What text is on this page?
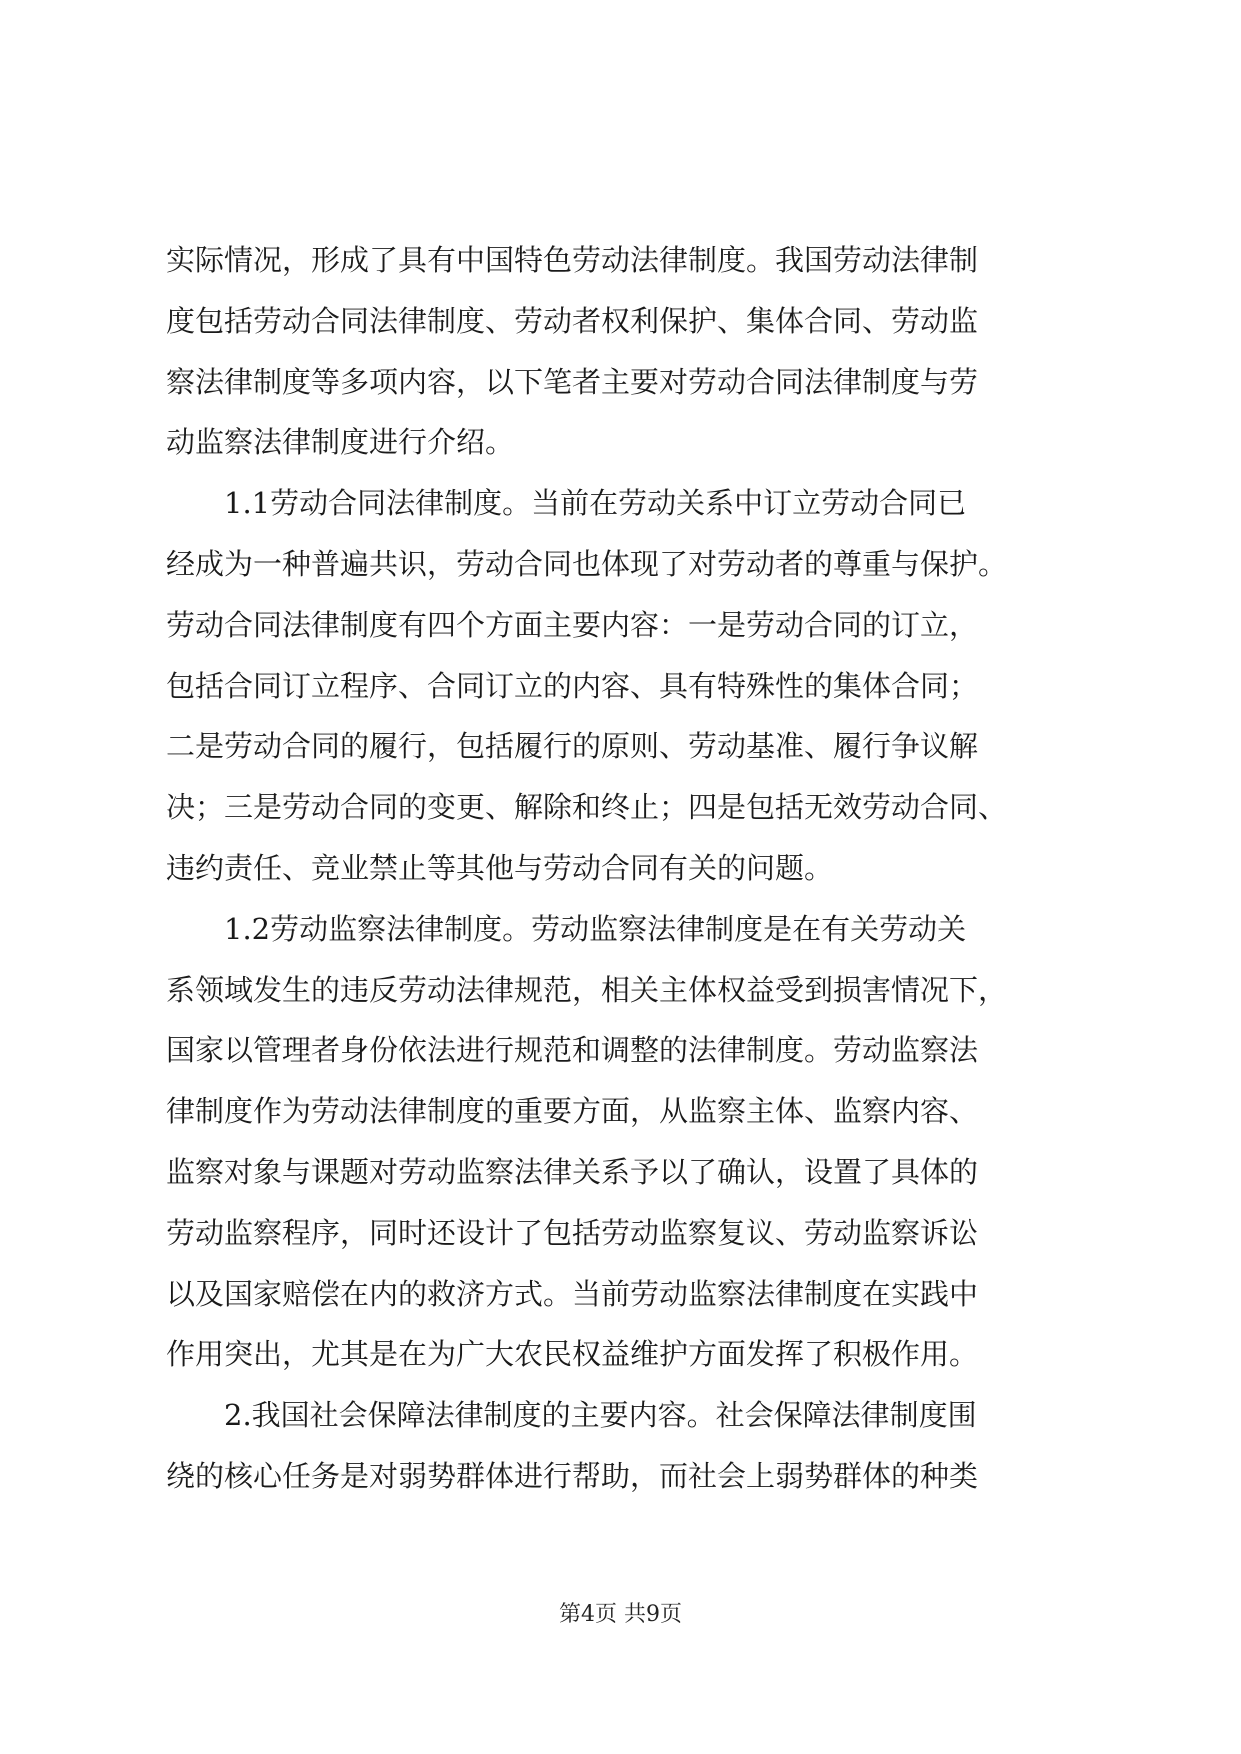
实际情况，形成了具有中国特色劳动法律制度。我国劳动法律制
度包括劳动合同法律制度、劳动者权利保护、集体合同、劳动监
察法律制度等多项内容，以下笔者主要对劳动合同法律制度与劳
动监察法律制度进行介绍。
1.1劳动合同法律制度。当前在劳动关系中订立劳动合同已
经成为一种普遍共识，劳动合同也体现了对劳动者的尊重与保护。
劳动合同法律制度有四个方面主要内容：一是劳动合同的订立，
包括合同订立程序、合同订立的内容、具有特殊性的集体合同；
二是劳动合同的履行，包括履行的原则、劳动基准、履行争议解
决；三是劳动合同的变更、解除和终止；四是包括无效劳动合同、
违约责任、竞业禁止等其他与劳动合同有关的问题。
1.2劳动监察法律制度。劳动监察法律制度是在有关劳动关
系领域发生的违反劳动法律规范，相关主体权益受到损害情况下，
国家以管理者身份依法进行规范和调整的法律制度。劳动监察法
律制度作为劳动法律制度的重要方面，从监察主体、监察内容、
监察对象与课题对劳动监察法律关系予以了确认，设置了具体的
劳动监察程序，同时还设计了包括劳动监察复议、劳动监察诉讼
以及国家赔偿在内的救济方式。当前劳动监察法律制度在实践中
作用突出，尤其是在为广大农民权益维护方面发挥了积极作用。
2.我国社会保障法律制度的主要内容。社会保障法律制度围
绕的核心任务是对弱势群体进行帮助，而社会上弱势群体的种类
第4页 共9页
